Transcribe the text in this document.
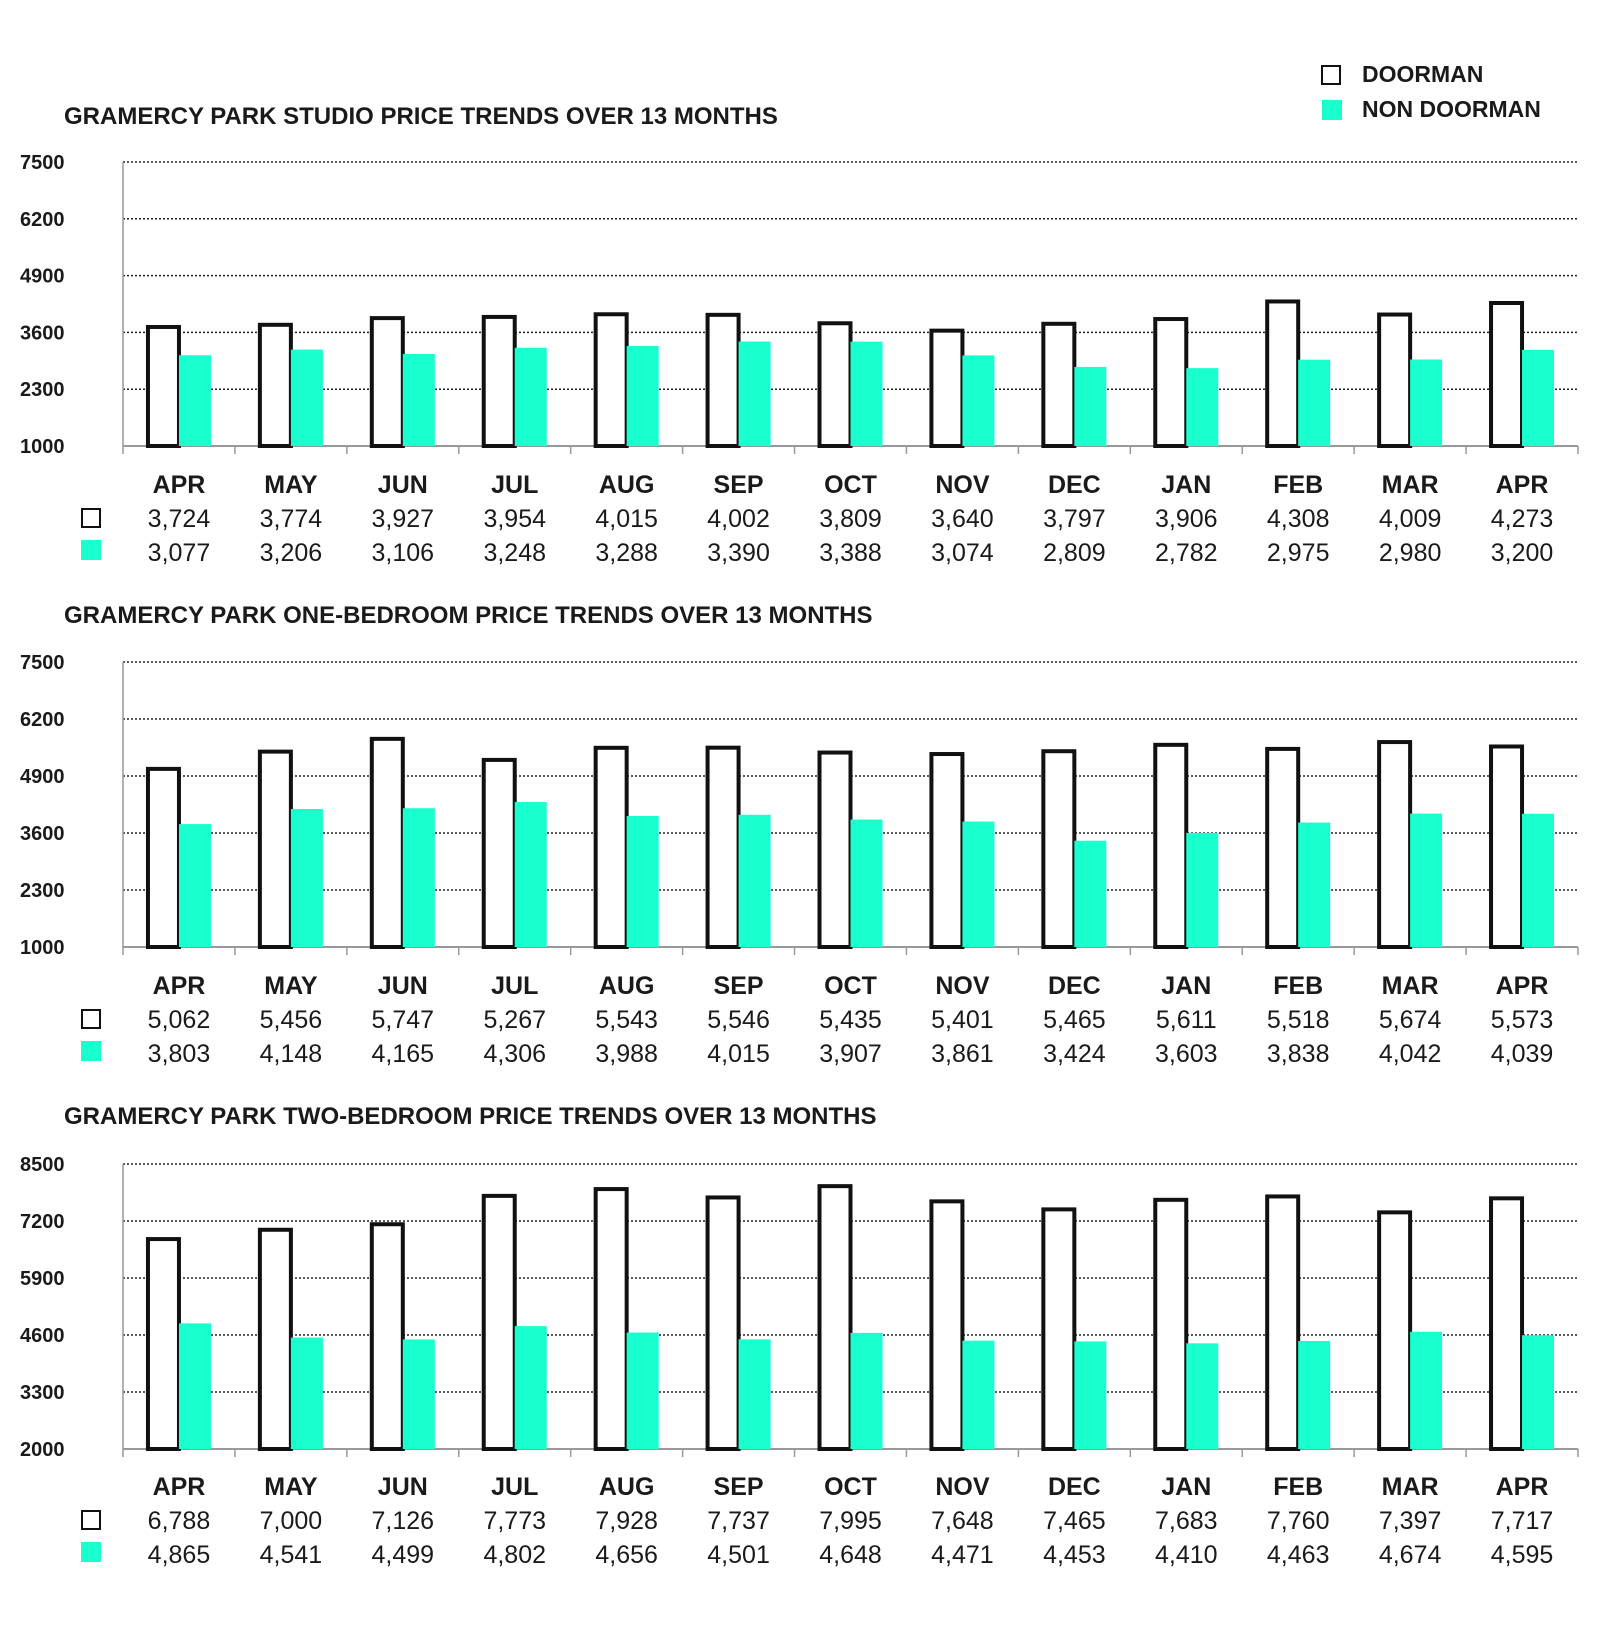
DOORMAN
NON DOORMAN
GRAMERCY PARK STUDIO PRICE TRENDS OVER 13 MONTHS
1000
2300
3600
4900
6200
7500
APR
3,724
3,077
MAY
3,774
3,206
JUN
3,927
3,106
JUL
3,954
3,248
AUG
4,015
3,288
SEP
4,002
3,390
OCT
3,809
3,388
NOV
3,640
3,074
DEC
3,797
2,809
JAN
3,906
2,782
FEB
4,308
2,975
MAR
4,009
2,980
APR
4,273
3,200
GRAMERCY PARK ONE-BEDROOM PRICE TRENDS OVER 13 MONTHS
1000
2300
3600
4900
6200
7500
APR
5,062
3,803
MAY
5,456
4,148
JUN
5,747
4,165
JUL
5,267
4,306
AUG
5,543
3,988
SEP
5,546
4,015
OCT
5,435
3,907
NOV
5,401
3,861
DEC
5,465
3,424
JAN
5,611
3,603
FEB
5,518
3,838
MAR
5,674
4,042
APR
5,573
4,039
GRAMERCY PARK TWO-BEDROOM PRICE TRENDS OVER 13 MONTHS
2000
3300
4600
5900
7200
8500
APR
6,788
4,865
MAY
7,000
4,541
JUN
7,126
4,499
JUL
7,773
4,802
AUG
7,928
4,656
SEP
7,737
4,501
OCT
7,995
4,648
NOV
7,648
4,471
DEC
7,465
4,453
JAN
7,683
4,410
FEB
7,760
4,463
MAR
7,397
4,674
APR
7,717
4,595
